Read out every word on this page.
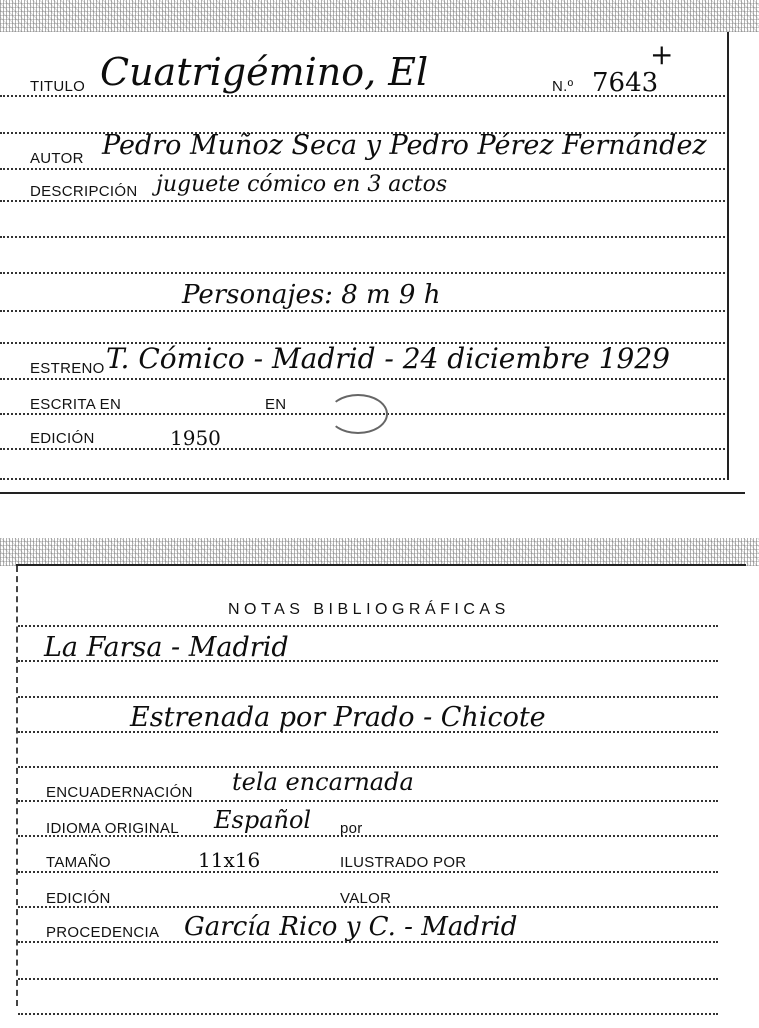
TITULO Cuatrigémino, El	N.º 7643
+
AUTOR Pedro Muñoz Seca y Pedro Pérez Fernández
DESCRIPCIÓN juguete cómico en 3 actos
Personajes: 8 m 9 h
ESTRENO T. Cómico - Madrid - 24 diciembre 1929
ESCRITA EN	EN
EDICIÓN	1950
NOTAS BIBLIOGRÁFICAS
La Farsa - Madrid
Estrenada por Prado - Chicote
ENCUADERNACIÓN tela encarnada
IDIOMA ORIGINAL Español por
TAMAÑO	11x16	ILUSTRADO POR
EDICIÓN	VALOR
PROCEDENCIA García Rico y C. - Madrid
